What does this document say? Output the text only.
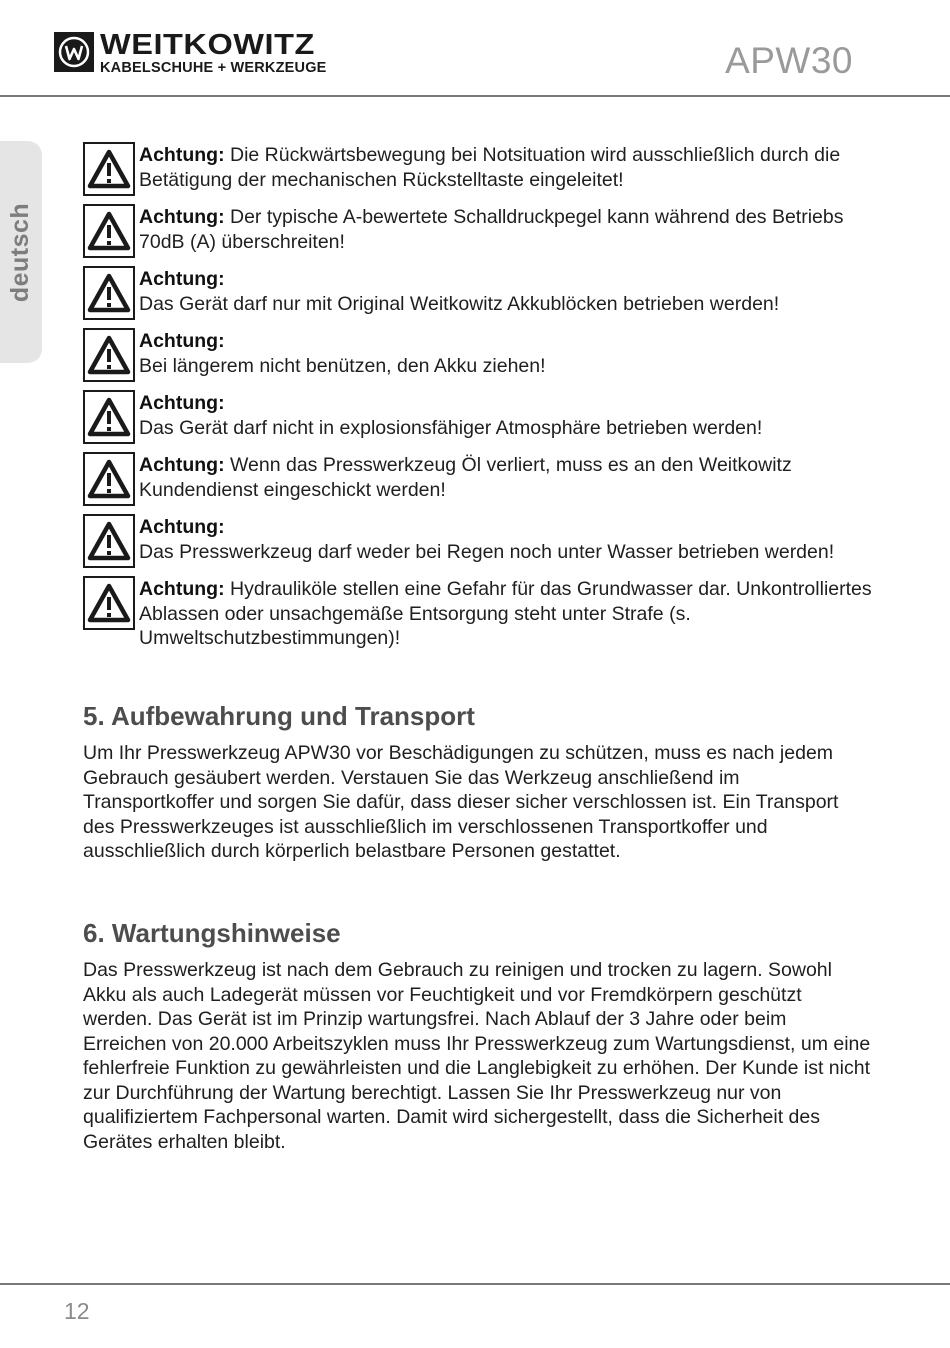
WEITKOWITZ
KABELSCHUHE + WERKZEUGE	APW30
deutsch
Achtung: Die Rückwärtsbewegung bei Notsituation wird ausschließlich durch die Betätigung der mechanischen Rückstelltaste eingeleitet!
Achtung: Der typische A-bewertete Schalldruckpegel kann während des Betriebs 70dB (A) überschreiten!
Achtung:
Das Gerät darf nur mit Original Weitkowitz Akkublöcken betrieben werden!
Achtung:
Bei längerem nicht benützen, den Akku ziehen!
Achtung:
Das Gerät darf nicht in explosionsfähiger Atmosphäre betrieben werden!
Achtung: Wenn das Presswerkzeug Öl verliert, muss es an den Weitkowitz Kundendienst eingeschickt werden!
Achtung:
Das Presswerkzeug darf weder bei Regen noch unter Wasser betrieben werden!
Achtung: Hydrauliköle stellen eine Gefahr für das Grundwasser dar. Unkontrolliertes Ablassen oder unsachgemäße Entsorgung steht unter Strafe (s. Umweltschutzbestimmungen)!
5. Aufbewahrung und Transport

Um Ihr Presswerkzeug APW30 vor Beschädigungen zu schützen, muss es nach jedem Gebrauch gesäubert werden. Verstauen Sie das Werkzeug anschließend im Transportkoffer und sorgen Sie dafür, dass dieser sicher verschlossen ist. Ein Transport des Presswerkzeuges ist ausschließlich im verschlossenen Transportkoffer und ausschließlich durch körperlich belastbare Personen gestattet.

6. Wartungshinweise

Das Presswerkzeug ist nach dem Gebrauch zu reinigen und trocken zu lagern. Sowohl Akku als auch Ladegerät müssen vor Feuchtigkeit und vor Fremdkörpern geschützt werden. Das Gerät ist im Prinzip wartungsfrei. Nach Ablauf der 3 Jahre oder beim Erreichen von 20.000 Arbeitszyklen muss Ihr Presswerkzeug zum Wartungsdienst, um eine fehlerfreie Funktion zu gewährleisten und die Langlebigkeit zu erhöhen. Der Kunde ist nicht zur Durchführung der Wartung berechtigt. Lassen Sie Ihr Presswerkzeug nur von qualifiziertem Fachpersonal warten. Damit wird sichergestellt, dass die Sicherheit des Gerätes erhalten bleibt.

12
